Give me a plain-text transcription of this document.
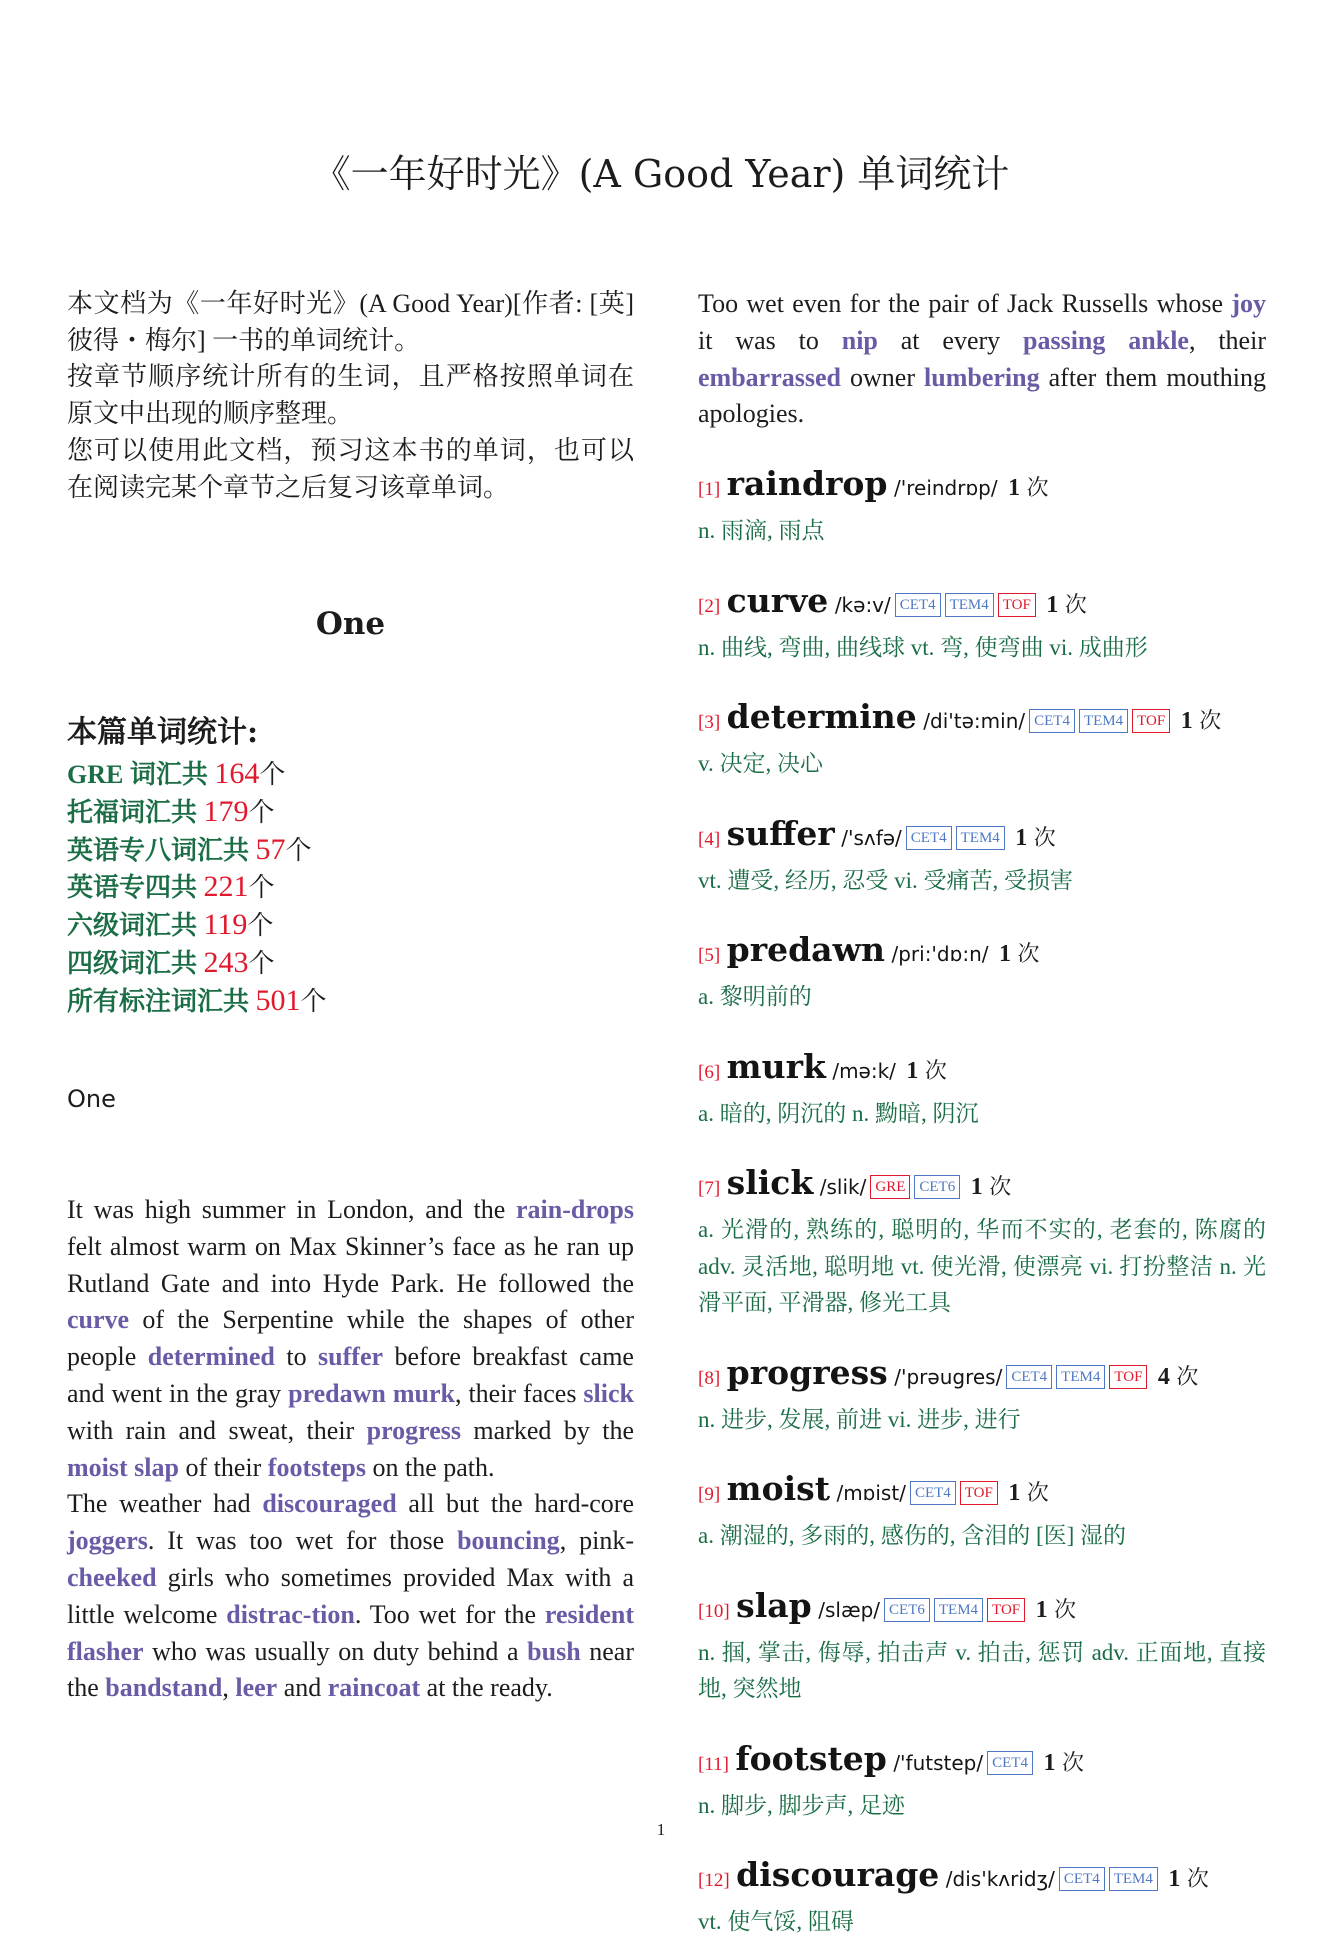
《一年好时光》(A Good Year) 单词统计

本文档为《一年好时光》(A Good Year)[作者: [英] 彼得・梅尔] 一书的单词统计。

按章节顺序统计所有的生词，且严格按照单词在原文中出现的顺序整理。

您可以使用此文档，预习这本书的单词，也可以在阅读完某个章节之后复习该章单词。

One
本篇单词统计:
GRE 词汇共 164个
托福词汇共 179个
英语专八词汇共 57个
英语专四共 221个
六级词汇共 119个
四级词汇共 243个
所有标注词汇共 501个
One
It was high summer in London, and the rain-drops felt almost warm on Max Skinner’s face as he ran up Rutland Gate and into Hyde Park. He followed the curve of the Serpentine while the shapes of other people determined to suffer before breakfast came and went in the gray predawn murk, their faces slick with rain and sweat, their progress marked by the moist slap of their footsteps on the path.
The weather had discouraged all but the hard-core joggers. It was too wet for those bouncing, pink-cheeked girls who sometimes provided Max with a little welcome distrac-tion. Too wet for the resident flasher who was usually on duty behind a bush near the bandstand, leer and raincoat at the ready.
Too wet even for the pair of Jack Russells whose joy it was to nip at every passing ankle, their embarrassed owner lumbering after them mouthing apologies.
[1] raindrop /'reindrɒp/ 1 次
n. 雨滴, 雨点
[2] curve /kə:v/ CET4 TEM4 TOF 1 次
n. 曲线, 弯曲, 曲线球 vt. 弯, 使弯曲 vi. 成曲形
[3] determine /di'tə:min/ CET4 TEM4 TOF 1 次
v. 决定, 决心
[4] suffer /'sʌfə/ CET4 TEM4 1 次
vt. 遭受, 经历, 忍受 vi. 受痛苦, 受损害
[5] predawn /pri:'dɒ:n/ 1 次
a. 黎明前的
[6] murk /mə:k/ 1 次
a. 暗的, 阴沉的 n. 黝暗, 阴沉
[7] slick /slik/ GRE CET6 1 次
a. 光滑的, 熟练的, 聪明的, 华而不实的, 老套的, 陈腐的 adv. 灵活地, 聪明地 vt. 使光滑, 使漂亮 vi. 打扮整洁 n. 光滑平面, 平滑器, 修光工具
[8] progress /'prəugres/ CET4 TEM4 TOF 4 次
n. 进步, 发展, 前进 vi. 进步, 进行
[9] moist /mɒist/ CET4 TOF 1 次
a. 潮湿的, 多雨的, 感伤的, 含泪的 [医] 湿的
[10] slap /slæp/ CET6 TEM4 TOF 1 次
n. 掴, 掌击, 侮辱, 拍击声 v. 拍击, 惩罚 adv. 正面地, 直接地, 突然地
[11] footstep /'futstep/ CET4 1 次
n. 脚步, 脚步声, 足迹
[12] discourage /dis'kʌridʒ/ CET4 TEM4 1 次
vt. 使气馁, 阻碍
1
